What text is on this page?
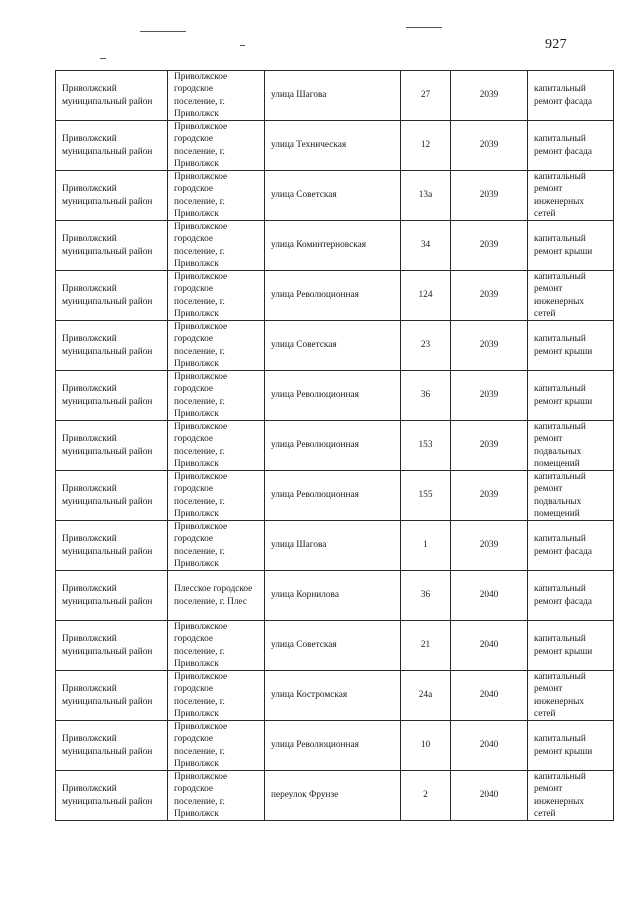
927
Приволжский муниципальный район	Приволжское городское поселение, г. Приволжск	улица Шагова	27	2039	капитальный ремонт фасада
Приволжский муниципальный район	Приволжское городское поселение, г. Приволжск	улица Техническая	12	2039	капитальный ремонт фасада
Приволжский муниципальный район	Приволжское городское поселение, г. Приволжск	улица Советская	13а	2039	капитальный ремонт инженерных сетей
Приволжский муниципальный район	Приволжское городское поселение, г. Приволжск	улица Коминтерновская	34	2039	капитальный ремонт крыши
Приволжский муниципальный район	Приволжское городское поселение, г. Приволжск	улица Революционная	124	2039	капитальный ремонт инженерных сетей
Приволжский муниципальный район	Приволжское городское поселение, г. Приволжск	улица Советская	23	2039	капитальный ремонт крыши
Приволжский муниципальный район	Приволжское городское поселение, г. Приволжск	улица Революционная	36	2039	капитальный ремонт крыши
Приволжский муниципальный район	Приволжское городское поселение, г. Приволжск	улица Революционная	153	2039	капитальный ремонт подвальных помещений
Приволжский муниципальный район	Приволжское городское поселение, г. Приволжск	улица Революционная	155	2039	капитальный ремонт подвальных помещений
Приволжский муниципальный район	Приволжское городское поселение, г. Приволжск	улица Шагова	1	2039	капитальный ремонт фасада
Приволжский муниципальный район	Плесское городское поселение, г. Плес	улица Корнилова	36	2040	капитальный ремонт фасада
Приволжский муниципальный район	Приволжское городское поселение, г. Приволжск	улица Советская	21	2040	капитальный ремонт крыши
Приволжский муниципальный район	Приволжское городское поселение, г. Приволжск	улица Костромская	24а	2040	капитальный ремонт инженерных сетей
Приволжский муниципальный район	Приволжское городское поселение, г. Приволжск	улица Революционная	10	2040	капитальный ремонт крыши
Приволжский муниципальный район	Приволжское городское поселение, г. Приволжск	переулок Фрунзе	2	2040	капитальный ремонт инженерных сетей
